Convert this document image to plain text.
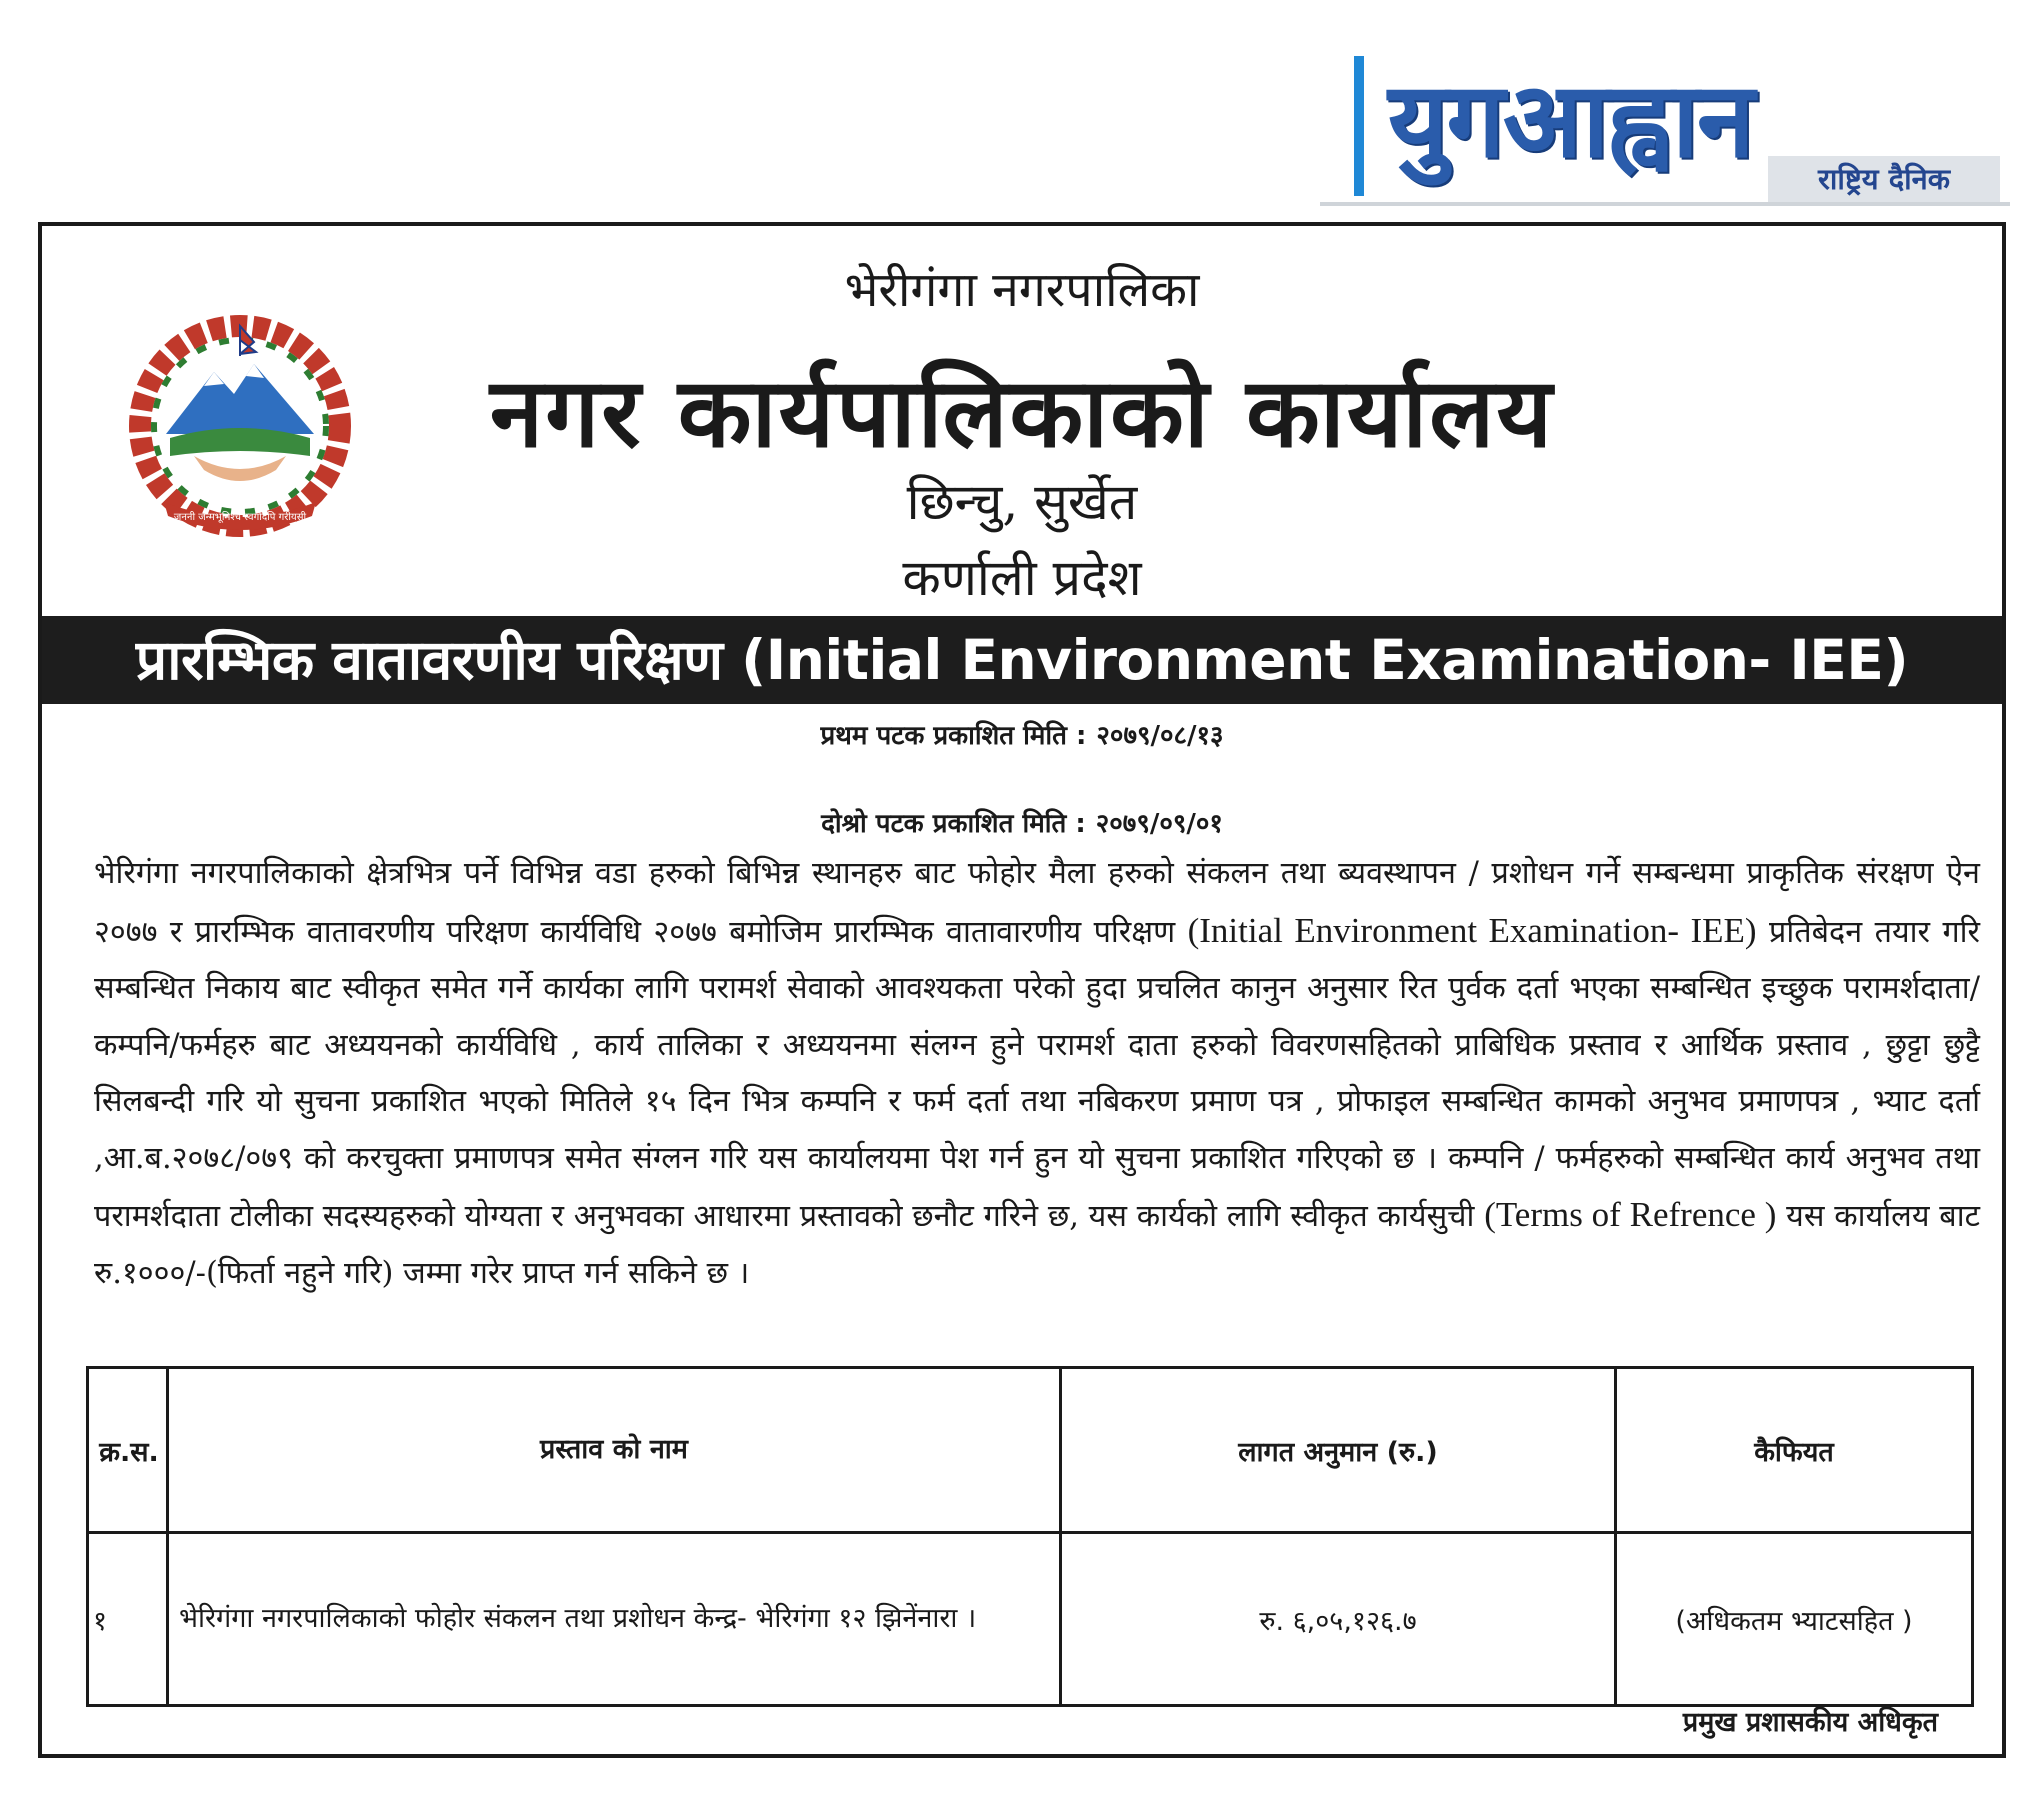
युगआह्वान	राष्ट्रिय दैनिक
जननी जन्मभूमिश्च स्वर्गादपि गरीयसी
भेरीगंगा नगरपालिका
नगर कार्यपालिकाको कार्यालय
छिन्चु, सुर्खेत
कर्णाली प्रदेश
प्रारम्भिक वातावरणीय परिक्षण (Initial Environment Examination- IEE)
प्रथम पटक प्रकाशित मिति : २०७९/०८/१३
दोश्रो पटक प्रकाशित मिति : २०७९/०९/०१

भेरिगंगा नगरपालिकाको क्षेत्रभित्र पर्ने विभिन्न वडा हरुको बिभिन्न स्थानहरु बाट फोहोर मैला हरुको संकलन तथा ब्यवस्थापन / प्रशोधन गर्ने सम्बन्धमा प्राकृतिक संरक्षण ऐन २०७७ र प्रारम्भिक वातावरणीय परिक्षण कार्यविधि २०७७ बमोजिम प्रारम्भिक वातावारणीय परिक्षण (Initial Environment Examination- IEE) प्रतिबेदन तयार गरि सम्बन्धित निकाय बाट स्वीकृत समेत गर्ने कार्यका लागि परामर्श सेवाको आवश्यकता परेको हुदा प्रचलित कानुन अनुसार रित पुर्वक दर्ता भएका सम्बन्धित इच्छुक परामर्शदाता/कम्पनि/फर्महरु बाट अध्ययनको कार्यविधि , कार्य तालिका र अध्ययनमा संलग्न हुने परामर्श दाता हरुको विवरणसहितको प्राबिधिक प्रस्ताव र आर्थिक प्रस्ताव , छुट्टा छुट्टै सिलबन्दी गरि यो सुचना प्रकाशित भएको मितिले १५ दिन भित्र कम्पनि र फर्म दर्ता तथा नबिकरण प्रमाण पत्र , प्रोफाइल सम्बन्धित कामको अनुभव प्रमाणपत्र , भ्याट दर्ता ,आ.ब.२०७८/०७९ को करचुक्ता प्रमाणपत्र समेत संग्लन गरि यस कार्यालयमा पेश गर्न हुन यो सुचना प्रकाशित गरिएको छ । कम्पनि / फर्महरुको सम्बन्धित कार्य अनुभव तथा परामर्शदाता टोलीका सदस्यहरुको योग्यता र अनुभवका आधारमा प्रस्तावको छनौट गरिने छ, यस कार्यको लागि स्वीकृत कार्यसुची (Terms of Refrence ) यस कार्यालय बाट रु.१०००/-(फिर्ता नहुने गरि) जम्मा गरेर प्राप्त गर्न सकिने छ ।

क्र.स.	प्रस्ताव को नाम	लागत अनुमान (रु.)	कैफियत
१	भेरिगंगा नगरपालिकाको फोहोर संकलन तथा प्रशोधन केन्द्र- भेरिगंगा १२ झिनेंनारा ।	रु. ६,०५,१२६.७	(अधिकतम भ्याटसहित )
प्रमुख प्रशासकीय अधिकृत
